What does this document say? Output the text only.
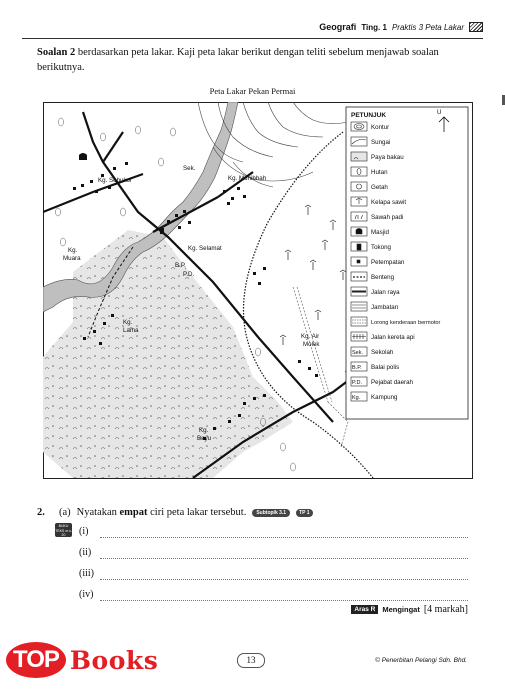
Geografi Ting. 1 Praktis 3 Peta Lakar
Soalan 2 berdasarkan peta lakar. Kaji peta lakar berikut dengan teliti sebelum menjawab soalan berikutnya.
Peta Lakar Pekan Permai
Kg. Sebukor
Sek.
Kg. Muhibbah
Kg. Selamat
Kg.
Muara
B.P.
P.D.
Kg.
Lama
Kg. Air
Molek
Kg.
Bayu
PETUNJUK	U
Sek.
B.P.
P.D.
Kg.
Kontur
Sungai
Paya bakau
Hutan
Getah
Kelapa sawit
Sawah padi
Masjid
Tokong
Petempatan
Benteng
Jalan raya
Jambatan
Lorong kenderaan bermotor
Jalan kereta api
Sekolah
Balai polis
Pejabat daerah
Kampung
2.	(a) Nyatakan empat ciri peta lakar tersebut.	Subtopik 3.1	TP 1
BUKU TEKS m.s. 20	(i)
(ii)
(iii)
(iv)
Aras R Mengingat [4 markah]
TOP Books	13	© Penerbitan Pelangi Sdn. Bhd.
